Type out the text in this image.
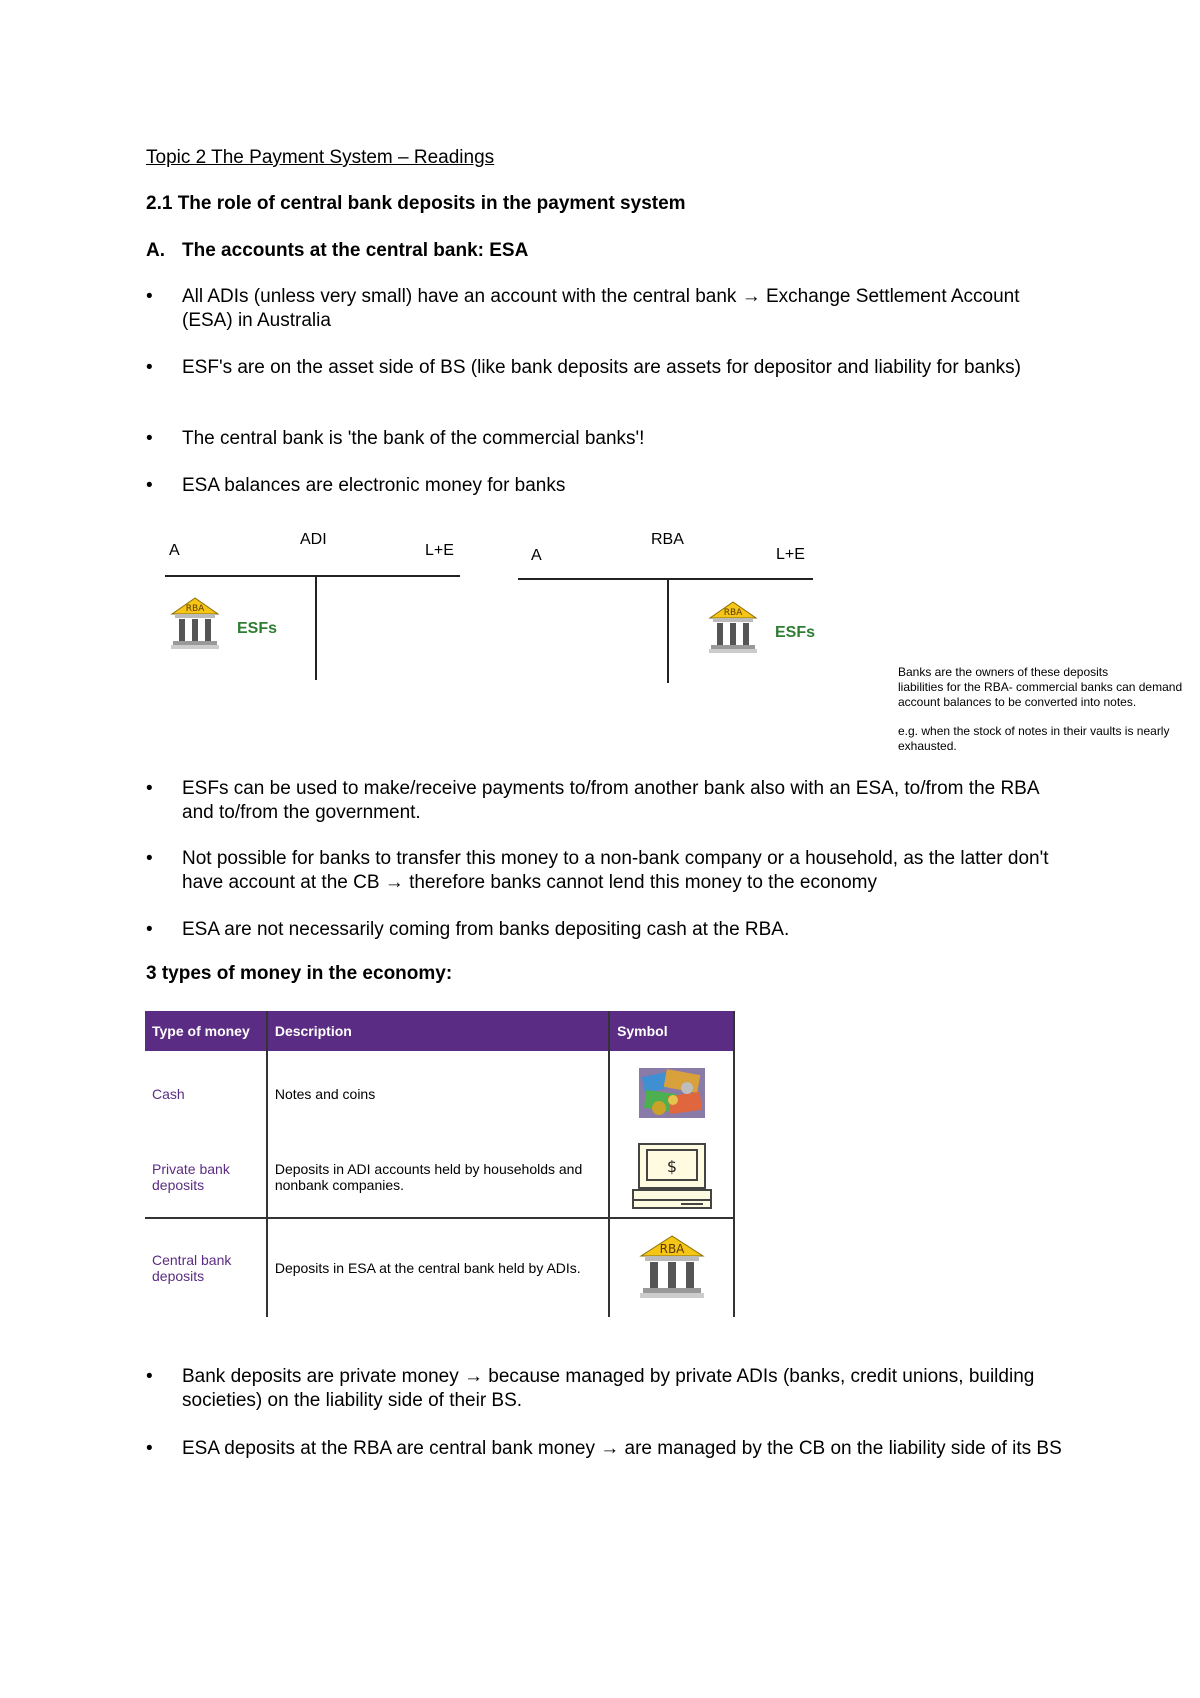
Topic 2 The Payment System – Readings
2.1 The role of central bank deposits in the payment system
A. The accounts at the central bank: ESA
•	All ADIs (unless very small) have an account with the central bank → Exchange Settlement Account (ESA) in Australia
•	ESF's are on the asset side of BS (like bank deposits are assets for depositor and liability for banks)
•	The central bank is 'the bank of the commercial banks'!
•	ESA balances are electronic money for banks
A
ADI
L+E
RBA
ESFs
A
RBA
L+E
RBA
ESFs
Banks are the owners of these deposits
liabilities for the RBA- commercial banks can demand account balances to be converted into notes.
e.g. when the stock of notes in their vaults is nearly exhausted.
•	ESFs can be used to make/receive payments to/from another bank also with an ESA, to/from the RBA and to/from the government.
•	Not possible for banks to transfer this money to a non-bank company or a household, as the latter don't have account at the CB → therefore banks cannot lend this money to the economy
•	ESA are not necessarily coming from banks depositing cash at the RBA.
3 types of money in the economy:
Type of money	Description	Symbol
Cash	Notes and coins	
Private bank deposits	Deposits in ADI accounts held by households and nonbank companies.	$

Central bank deposits	Deposits in ESA at the central bank held by ADIs.	RBA
•	Bank deposits are private money → because managed by private ADIs (banks, credit unions, building societies) on the liability side of their BS.
•	ESA deposits at the RBA are central bank money → are managed by the CB on the liability side of its BS
